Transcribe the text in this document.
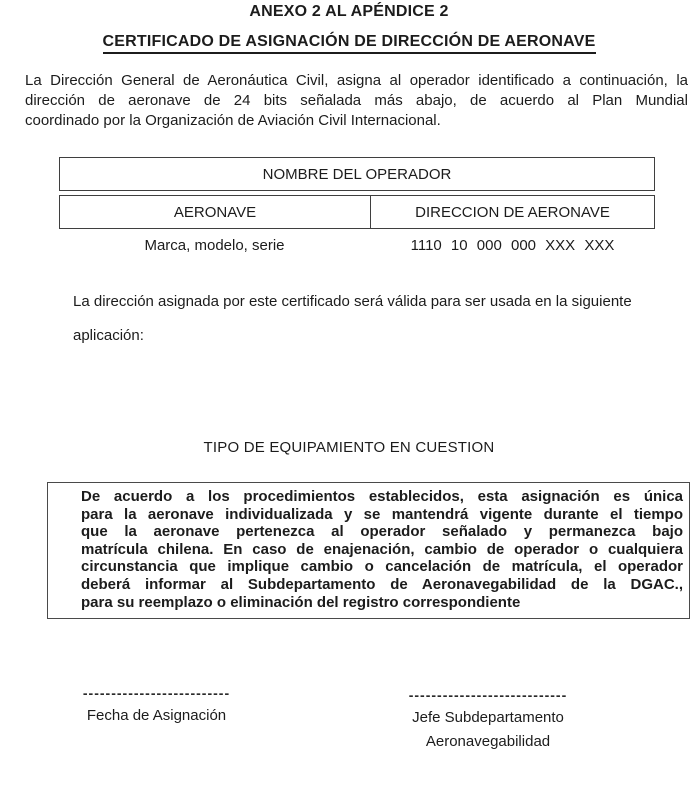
ANEXO 2 AL APÉNDICE 2
CERTIFICADO DE ASIGNACIÓN DE DIRECCIÓN DE AERONAVE
La Dirección General de Aeronáutica Civil, asigna al operador identificado a continuación, la
dirección de aeronave de 24 bits señalada más abajo, de acuerdo al Plan Mundial
coordinado por la Organización de Aviación Civil Internacional.
NOMBRE DEL OPERADOR
AERONAVE	DIRECCION DE AERONAVE
Marca, modelo, serie	1110 10 000 000 XXX XXX
La dirección asignada por este certificado será válida para ser usada en la siguiente
aplicación:
TIPO DE EQUIPAMIENTO EN CUESTION
De acuerdo a los procedimientos establecidos, esta asignación es única
para la aeronave individualizada y se mantendrá vigente durante el tiempo
que la aeronave pertenezca al operador señalado y permanezca bajo
matrícula chilena. En caso de enajenación, cambio de operador o cualquiera
circunstancia que implique cambio o cancelación de matrícula, el operador
deberá informar al Subdepartamento de Aeronavegabilidad de la DGAC.,
para su reemplazo o eliminación del registro correspondiente
--------------------------
Fecha de Asignación
----------------------------
Jefe Subdepartamento
Aeronavegabilidad
